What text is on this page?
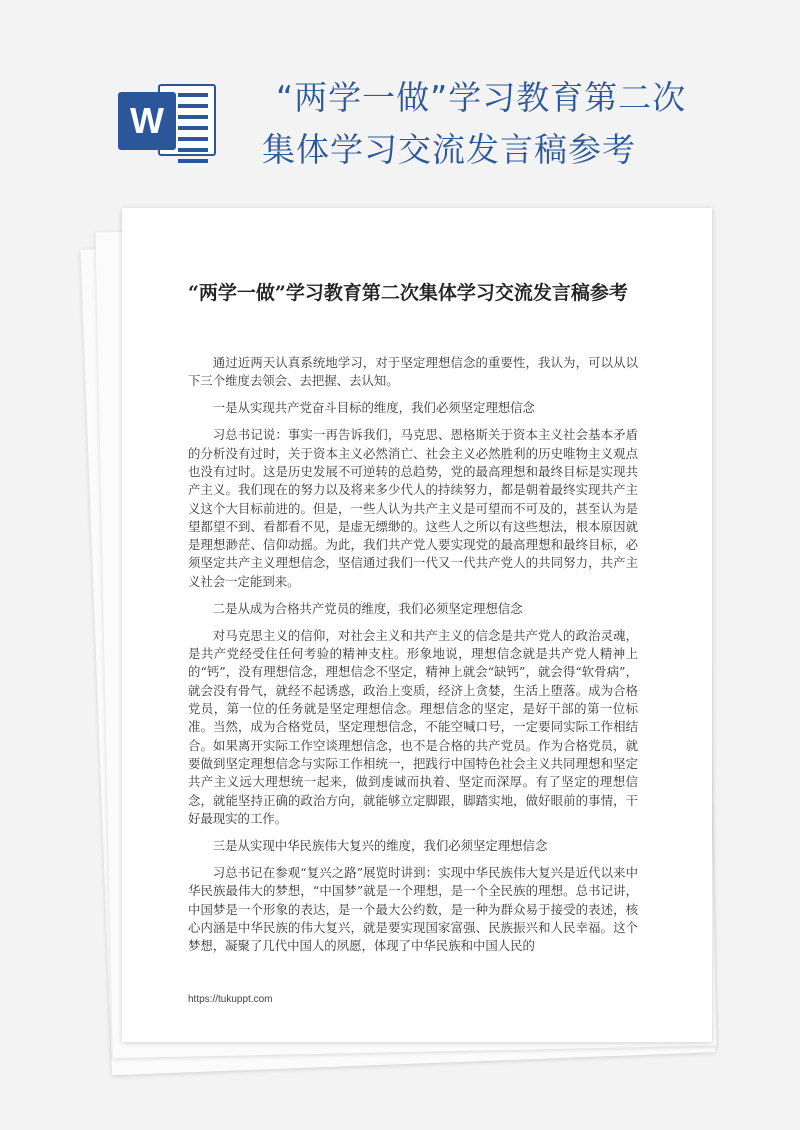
W
“两学一做”学习教育第二次
集体学习交流发言稿参考
“两学一做”学习教育第二次集体学习交流发言稿参考

通过近两天认真系统地学习，对于坚定理想信念的重要性，我认为，可以从以下三个维度去领会、去把握、去认知。

一是从实现共产党奋斗目标的维度，我们必须坚定理想信念

习总书记说：事实一再告诉我们，马克思、恩格斯关于资本主义社会基本矛盾的分析没有过时，关于资本主义必然消亡、社会主义必然胜利的历史唯物主义观点也没有过时。这是历史发展不可逆转的总趋势，党的最高理想和最终目标是实现共产主义。我们现在的努力以及将来多少代人的持续努力，都是朝着最终实现共产主义这个大目标前进的。但是，一些人认为共产主义是可望而不可及的，甚至认为是望都望不到、看都看不见，是虚无缥缈的。这些人之所以有这些想法，根本原因就是理想渺茫、信仰动摇。为此，我们共产党人要实现党的最高理想和最终目标，必须坚定共产主义理想信念，坚信通过我们一代又一代共产党人的共同努力，共产主义社会一定能到来。

二是从成为合格共产党员的维度，我们必须坚定理想信念

对马克思主义的信仰，对社会主义和共产主义的信念是共产党人的政治灵魂，是共产党经受住任何考验的精神支柱。形象地说，理想信念就是共产党人精神上的“钙”，没有理想信念，理想信念不坚定，精神上就会“缺钙”，就会得“软骨病”，就会没有骨气，就经不起诱惑，政治上变质，经济上贪婪，生活上堕落。成为合格党员，第一位的任务就是坚定理想信念。理想信念的坚定，是好干部的第一位标准。当然，成为合格党员，坚定理想信念，不能空喊口号，一定要同实际工作相结合。如果离开实际工作空谈理想信念，也不是合格的共产党员。作为合格党员，就要做到坚定理想信念与实际工作相统一，把践行中国特色社会主义共同理想和坚定共产主义远大理想统一起来，做到虔诚而执着、坚定而深厚。有了坚定的理想信念，就能坚持正确的政治方向，就能够立定脚跟，脚踏实地，做好眼前的事情，干好最现实的工作。

三是从实现中华民族伟大复兴的维度，我们必须坚定理想信念

习总书记在参观“复兴之路”展览时讲到：实现中华民族伟大复兴是近代以来中华民族最伟大的梦想，“中国梦”就是一个理想，是一个全民族的理想。总书记讲，中国梦是一个形象的表达，是一个最大公约数，是一种为群众易于接受的表述，核心内涵是中华民族的伟大复兴，就是要实现国家富强、民族振兴和人民幸福。这个梦想，凝聚了几代中国人的夙愿，体现了中华民族和中国人民的

https://tukuppt.com
